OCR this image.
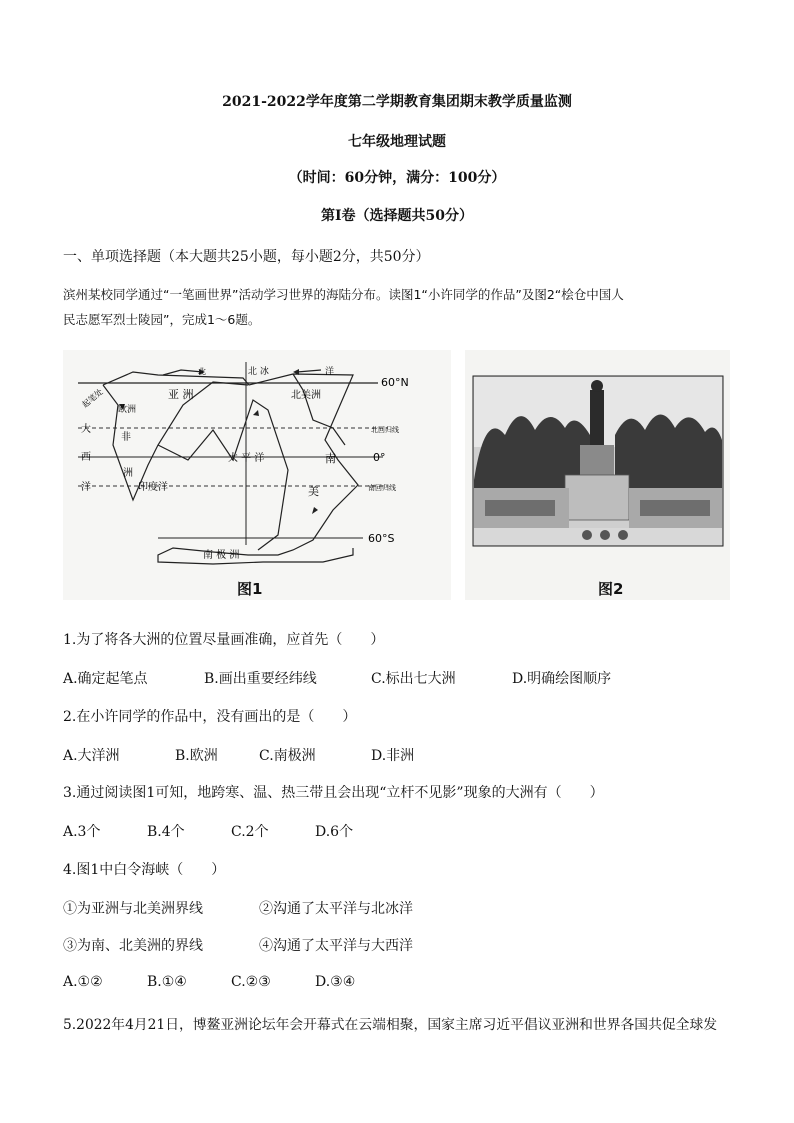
2021-2022学年度第二学期教育集团期末教学质量监测
七年级地理试题
（时间：60分钟，满分：100分）
第Ⅰ卷（选择题共50分）
一、单项选择题（本大题共25小题，每小题2分，共50分）
滨州某校同学通过“一笔画世界”活动学习世界的海陆分布。读图1“小许同学的作品”及图2“桧仓中国人
民志愿军烈士陵园”，完成1～6题。
60°N
北回归线
0°
南回归线
60°S
亚 洲	北美洲
大
西
洋
欧洲
非
洲
印度洋
太 平 洋	南
美
南 极 洲
北 冰	洋
北
起笔处
图1	图2
1.为了将各大洲的位置尽量画准确，应首先（　　）
A.确定起笔点	B.画出重要经纬线	C.标出七大洲	D.明确绘图顺序
2.在小许同学的作品中，没有画出的是（　　）
A.大洋洲	B.欧洲	C.南极洲	D.非洲
3.通过阅读图1可知，地跨寒、温、热三带且会出现“立杆不见影”现象的大洲有（　　）
A.3个	B.4个	C.2个	D.6个
4.图1中白令海峡（　　）
①为亚洲与北美洲界线	②沟通了太平洋与北冰洋
③为南、北美洲的界线	④沟通了太平洋与大西洋
A.①②	B.①④	C.②③	D.③④
5.2022年4月21日，博鳌亚洲论坛年会开幕式在云端相聚，国家主席习近平倡议亚洲和世界各国共促全球发
